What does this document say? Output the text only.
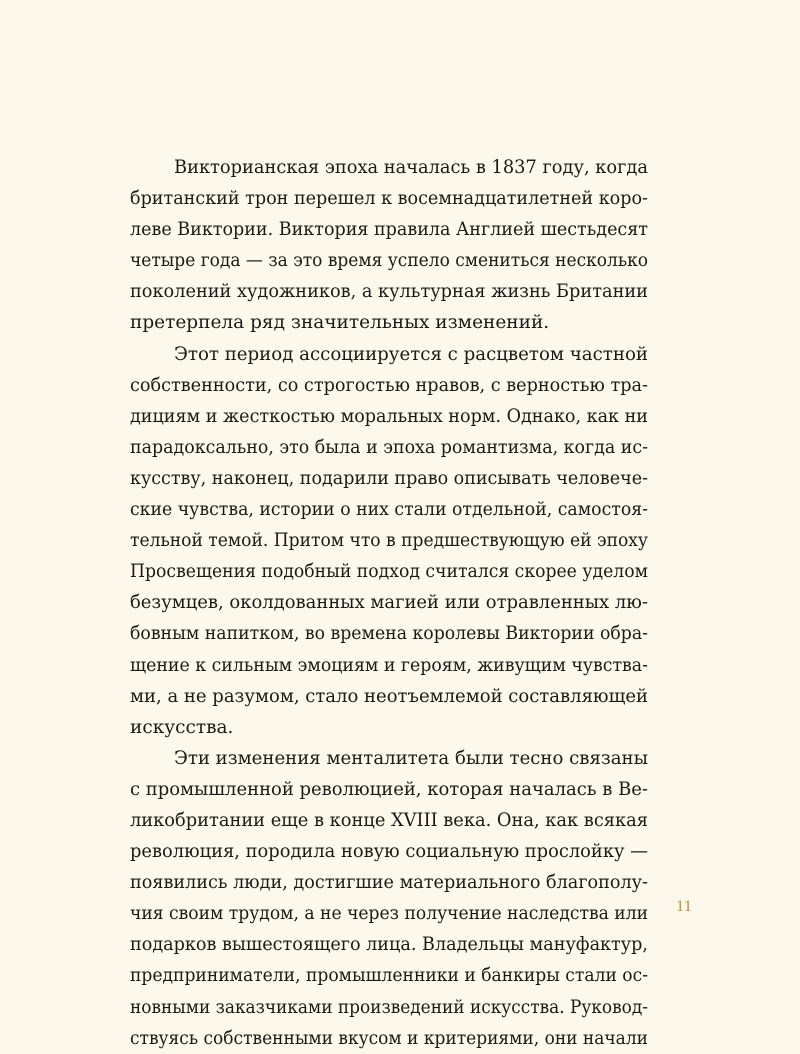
Викторианская эпоха началась в 1837 году, когда
британский трон перешел к восемнадцатилетней коро-
леве Виктории. Виктория правила Англией шестьдесят
четыре года — за это время успело смениться несколько
поколений художников, а культурная жизнь Британии
претерпела ряд значительных изменений.
Этот период ассоциируется с расцветом частной
собственности, со строгостью нравов, с верностью тра-
дициям и жесткостью моральных норм. Однако, как ни
парадоксально, это была и эпоха романтизма, когда ис-
кусству, наконец, подарили право описывать человече-
ские чувства, истории о них стали отдельной, самостоя-
тельной темой. Притом что в предшествующую ей эпоху
Просвещения подобный подход считался скорее уделом
безумцев, околдованных магией или отравленных лю-
бовным напитком, во времена королевы Виктории обра-
щение к сильным эмоциям и героям, живущим чувства-
ми, а не разумом, стало неотъемлемой составляющей
искусства.
Эти изменения менталитета были тесно связаны
с промышленной революцией, которая началась в Ве-
ликобритании еще в конце XVIII века. Она, как всякая
революция, породила новую социальную прослойку —
появились люди, достигшие материального благополу-
чия своим трудом, а не через получение наследства или
подарков вышестоящего лица. Владельцы мануфактур,
предприниматели, промышленники и банкиры стали ос-
новными заказчиками произведений искусства. Руковод-
ствуясь собственными вкусом и критериями, они начали
11
